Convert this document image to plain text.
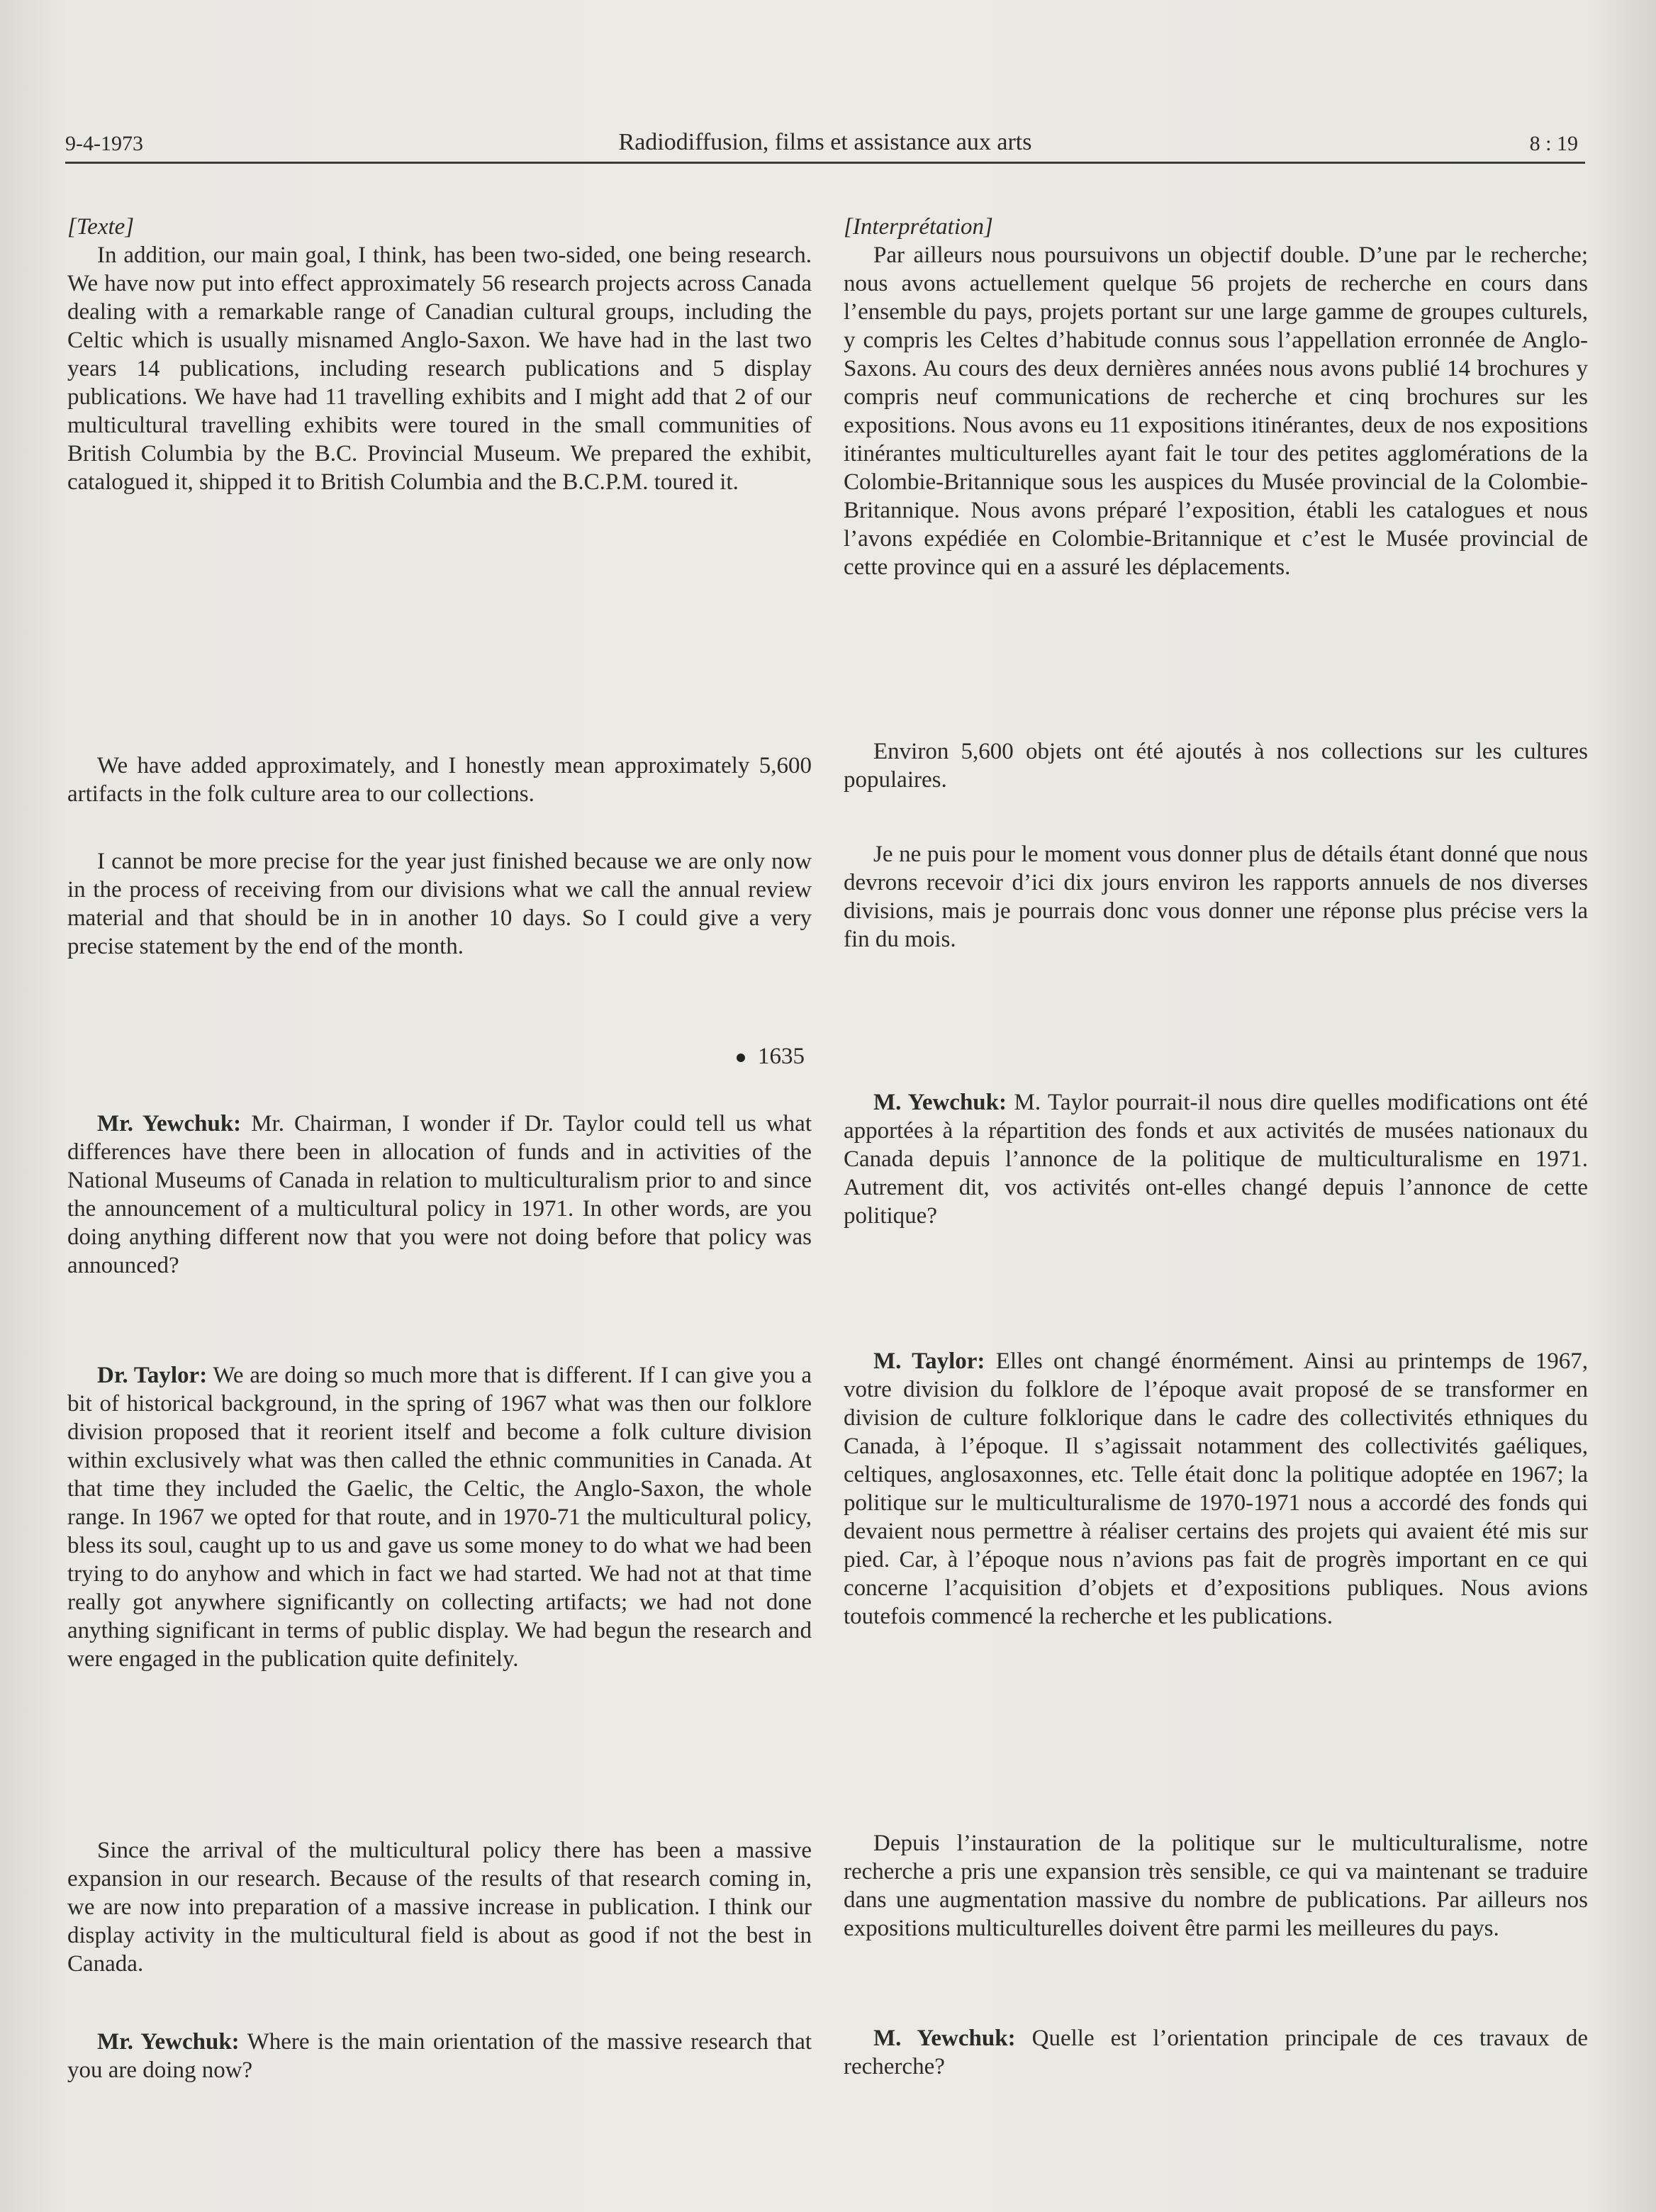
9-4-1973	Radiodiffusion, films et assistance aux arts	8 : 19
[Texte]

In addition, our main goal, I think, has been two-sided, one being research. We have now put into effect approximately 56 research projects across Canada dealing with a remarkable range of Canadian cultural groups, including the Celtic which is usually misnamed Anglo-Saxon. We have had in the last two years 14 publications, including research publications and 5 display publications. We have had 11 travelling exhibits and I might add that 2 of our multicultural travelling exhibits were toured in the small communities of British Columbia by the B.C. Provincial Museum. We prepared the exhibit, catalogued it, shipped it to British Columbia and the B.C.P.M. toured it.

We have added approximately, and I honestly mean approximately 5,600 artifacts in the folk culture area to our collections.

I cannot be more precise for the year just finished because we are only now in the process of receiving from our divisions what we call the annual review material and that should be in in another 10 days. So I could give a very precise statement by the end of the month.

1635

Mr. Yewchuk: Mr. Chairman, I wonder if Dr. Taylor could tell us what differences have there been in allocation of funds and in activities of the National Museums of Canada in relation to multiculturalism prior to and since the announcement of a multicultural policy in 1971. In other words, are you doing anything different now that you were not doing before that policy was announced?

Dr. Taylor: We are doing so much more that is different. If I can give you a bit of historical background, in the spring of 1967 what was then our folklore division proposed that it reorient itself and become a folk culture division within exclusively what was then called the ethnic communities in Canada. At that time they included the Gaelic, the Celtic, the Anglo-Saxon, the whole range. In 1967 we opted for that route, and in 1970-71 the multicultural policy, bless its soul, caught up to us and gave us some money to do what we had been trying to do anyhow and which in fact we had started. We had not at that time really got anywhere significantly on collecting artifacts; we had not done anything significant in terms of public display. We had begun the research and were engaged in the publication quite definitely.

Since the arrival of the multicultural policy there has been a massive expansion in our research. Because of the results of that research coming in, we are now into preparation of a massive increase in publication. I think our display activity in the multicultural field is about as good if not the best in Canada.

Mr. Yewchuk: Where is the main orientation of the massive research that you are doing now?

[Interprétation]

Par ailleurs nous poursuivons un objectif double. D’une par le recherche; nous avons actuellement quelque 56 projets de recherche en cours dans l’ensemble du pays, projets portant sur une large gamme de groupes culturels, y compris les Celtes d’habitude connus sous l’appellation erronnée de Anglo-Saxons. Au cours des deux dernières années nous avons publié 14 brochures y compris neuf communications de recherche et cinq brochures sur les expositions. Nous avons eu 11 expositions itinérantes, deux de nos expositions itinérantes multiculturelles ayant fait le tour des petites agglomérations de la Colombie-Britannique sous les auspices du Musée provincial de la Colombie-Britannique. Nous avons préparé l’exposition, établi les catalogues et nous l’avons expédiée en Colombie-Britannique et c’est le Musée provincial de cette province qui en a assuré les déplacements.

Environ 5,600 objets ont été ajoutés à nos collections sur les cultures populaires.

Je ne puis pour le moment vous donner plus de détails étant donné que nous devrons recevoir d’ici dix jours environ les rapports annuels de nos diverses divisions, mais je pourrais donc vous donner une réponse plus précise vers la fin du mois.

M. Yewchuk: M. Taylor pourrait-il nous dire quelles modifications ont été apportées à la répartition des fonds et aux activités de musées nationaux du Canada depuis l’annonce de la politique de multiculturalisme en 1971. Autrement dit, vos activités ont-elles changé depuis l’annonce de cette politique?

M. Taylor: Elles ont changé énormément. Ainsi au printemps de 1967, votre division du folklore de l’époque avait proposé de se transformer en division de culture folklorique dans le cadre des collectivités ethniques du Canada, à l’époque. Il s’agissait notamment des collectivités gaéliques, celtiques, anglosaxonnes, etc. Telle était donc la politique adoptée en 1967; la politique sur le multiculturalisme de 1970-1971 nous a accordé des fonds qui devaient nous permettre à réaliser certains des projets qui avaient été mis sur pied. Car, à l’époque nous n’avions pas fait de progrès important en ce qui concerne l’acquisition d’objets et d’expositions publiques. Nous avions toutefois commencé la recherche et les publications.

Depuis l’instauration de la politique sur le multiculturalisme, notre recherche a pris une expansion très sensible, ce qui va maintenant se traduire dans une augmentation massive du nombre de publications. Par ailleurs nos expositions multiculturelles doivent être parmi les meilleures du pays.

M. Yewchuk: Quelle est l’orientation principale de ces travaux de recherche?
